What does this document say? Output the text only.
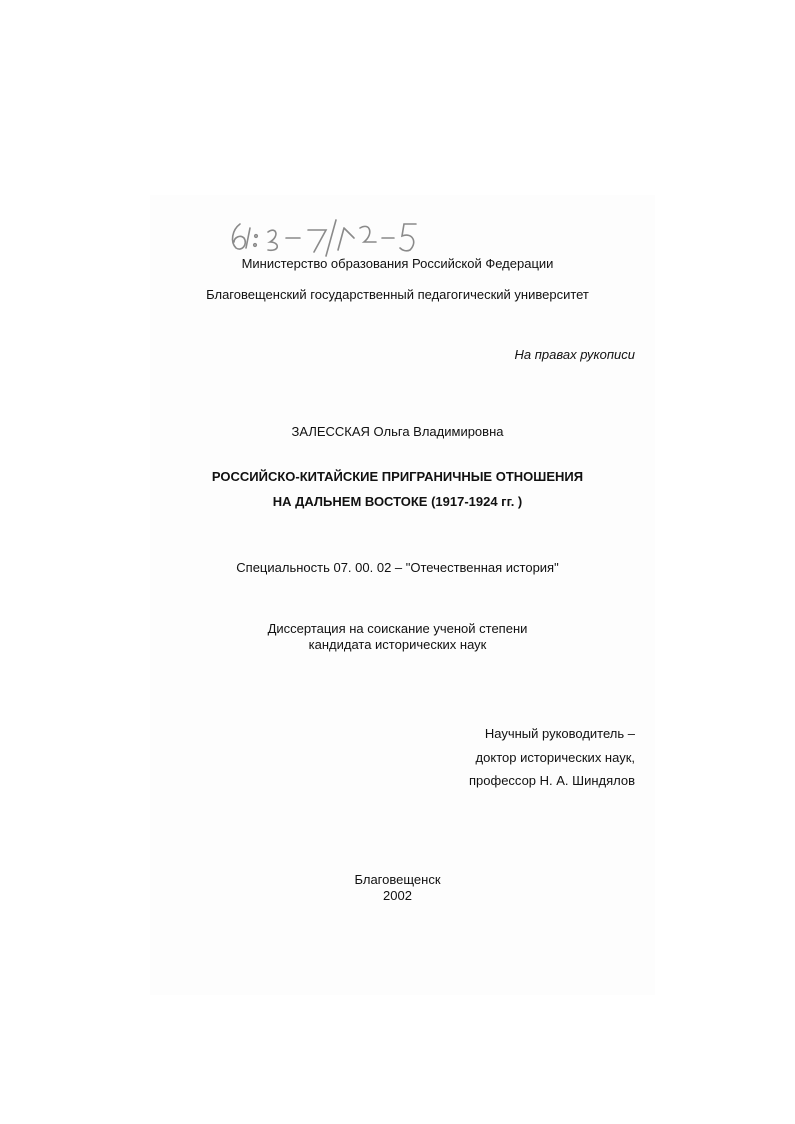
61:03-7/72-5
Министерство образования Российской Федерации
Благовещенский государственный педагогический университет
На правах рукописи
ЗАЛЕССКАЯ Ольга Владимировна
РОССИЙСКО-КИТАЙСКИЕ ПРИГРАНИЧНЫЕ ОТНОШЕНИЯ
НА ДАЛЬНЕМ ВОСТОКЕ (1917-1924 гг. )
Специальность 07. 00. 02 – "Отечественная история"
Диссертация на соискание ученой степени
кандидата исторических наук
Научный руководитель –
доктор исторических наук,
профессор Н. А. Шиндялов
Благовещенск
2002
